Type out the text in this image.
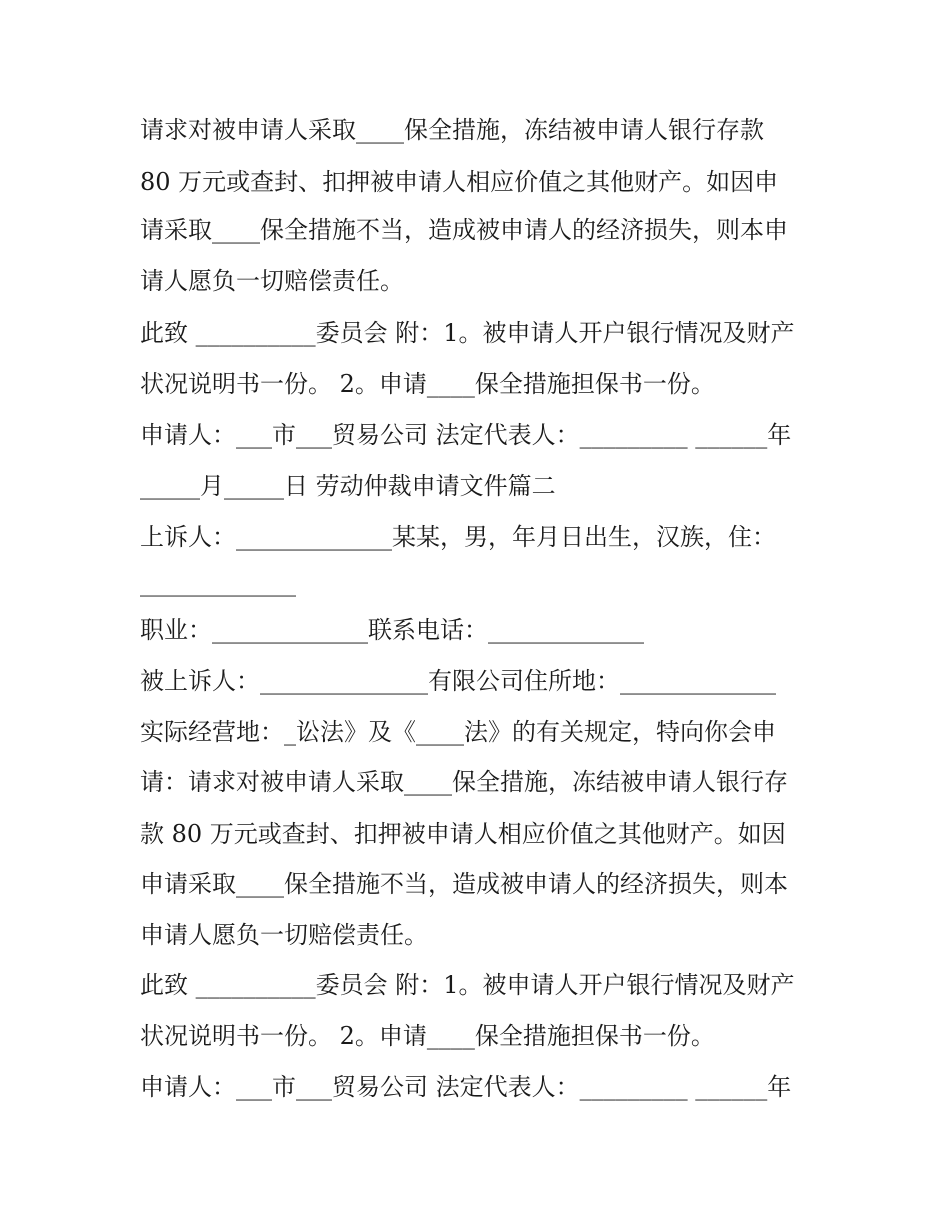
请求对被申请人采取____保全措施，冻结被申请人银行存款
80 万元或查封、扣押被申请人相应价值之其他财产。如因申
请采取____保全措施不当，造成被申请人的经济损失，则本申
请人愿负一切赔偿责任。
此致 __________委员会 附：1。被申请人开户银行情况及财产
状况说明书一份。 2。申请____保全措施担保书一份。
申请人：___市___贸易公司 法定代表人：_________ ______年
_____月_____日 劳动仲裁申请文件篇二
上诉人：_____________某某，男，年月日出生，汉族，住：
_____________
职业：_____________联系电话：_____________
被上诉人：______________有限公司住所地：_____________
实际经营地：_讼法》及《____法》的有关规定，特向你会申
请：请求对被申请人采取____保全措施，冻结被申请人银行存
款 80 万元或查封、扣押被申请人相应价值之其他财产。如因
申请采取____保全措施不当，造成被申请人的经济损失，则本
申请人愿负一切赔偿责任。
此致 __________委员会 附：1。被申请人开户银行情况及财产
状况说明书一份。 2。申请____保全措施担保书一份。
申请人：___市___贸易公司 法定代表人：_________ ______年
